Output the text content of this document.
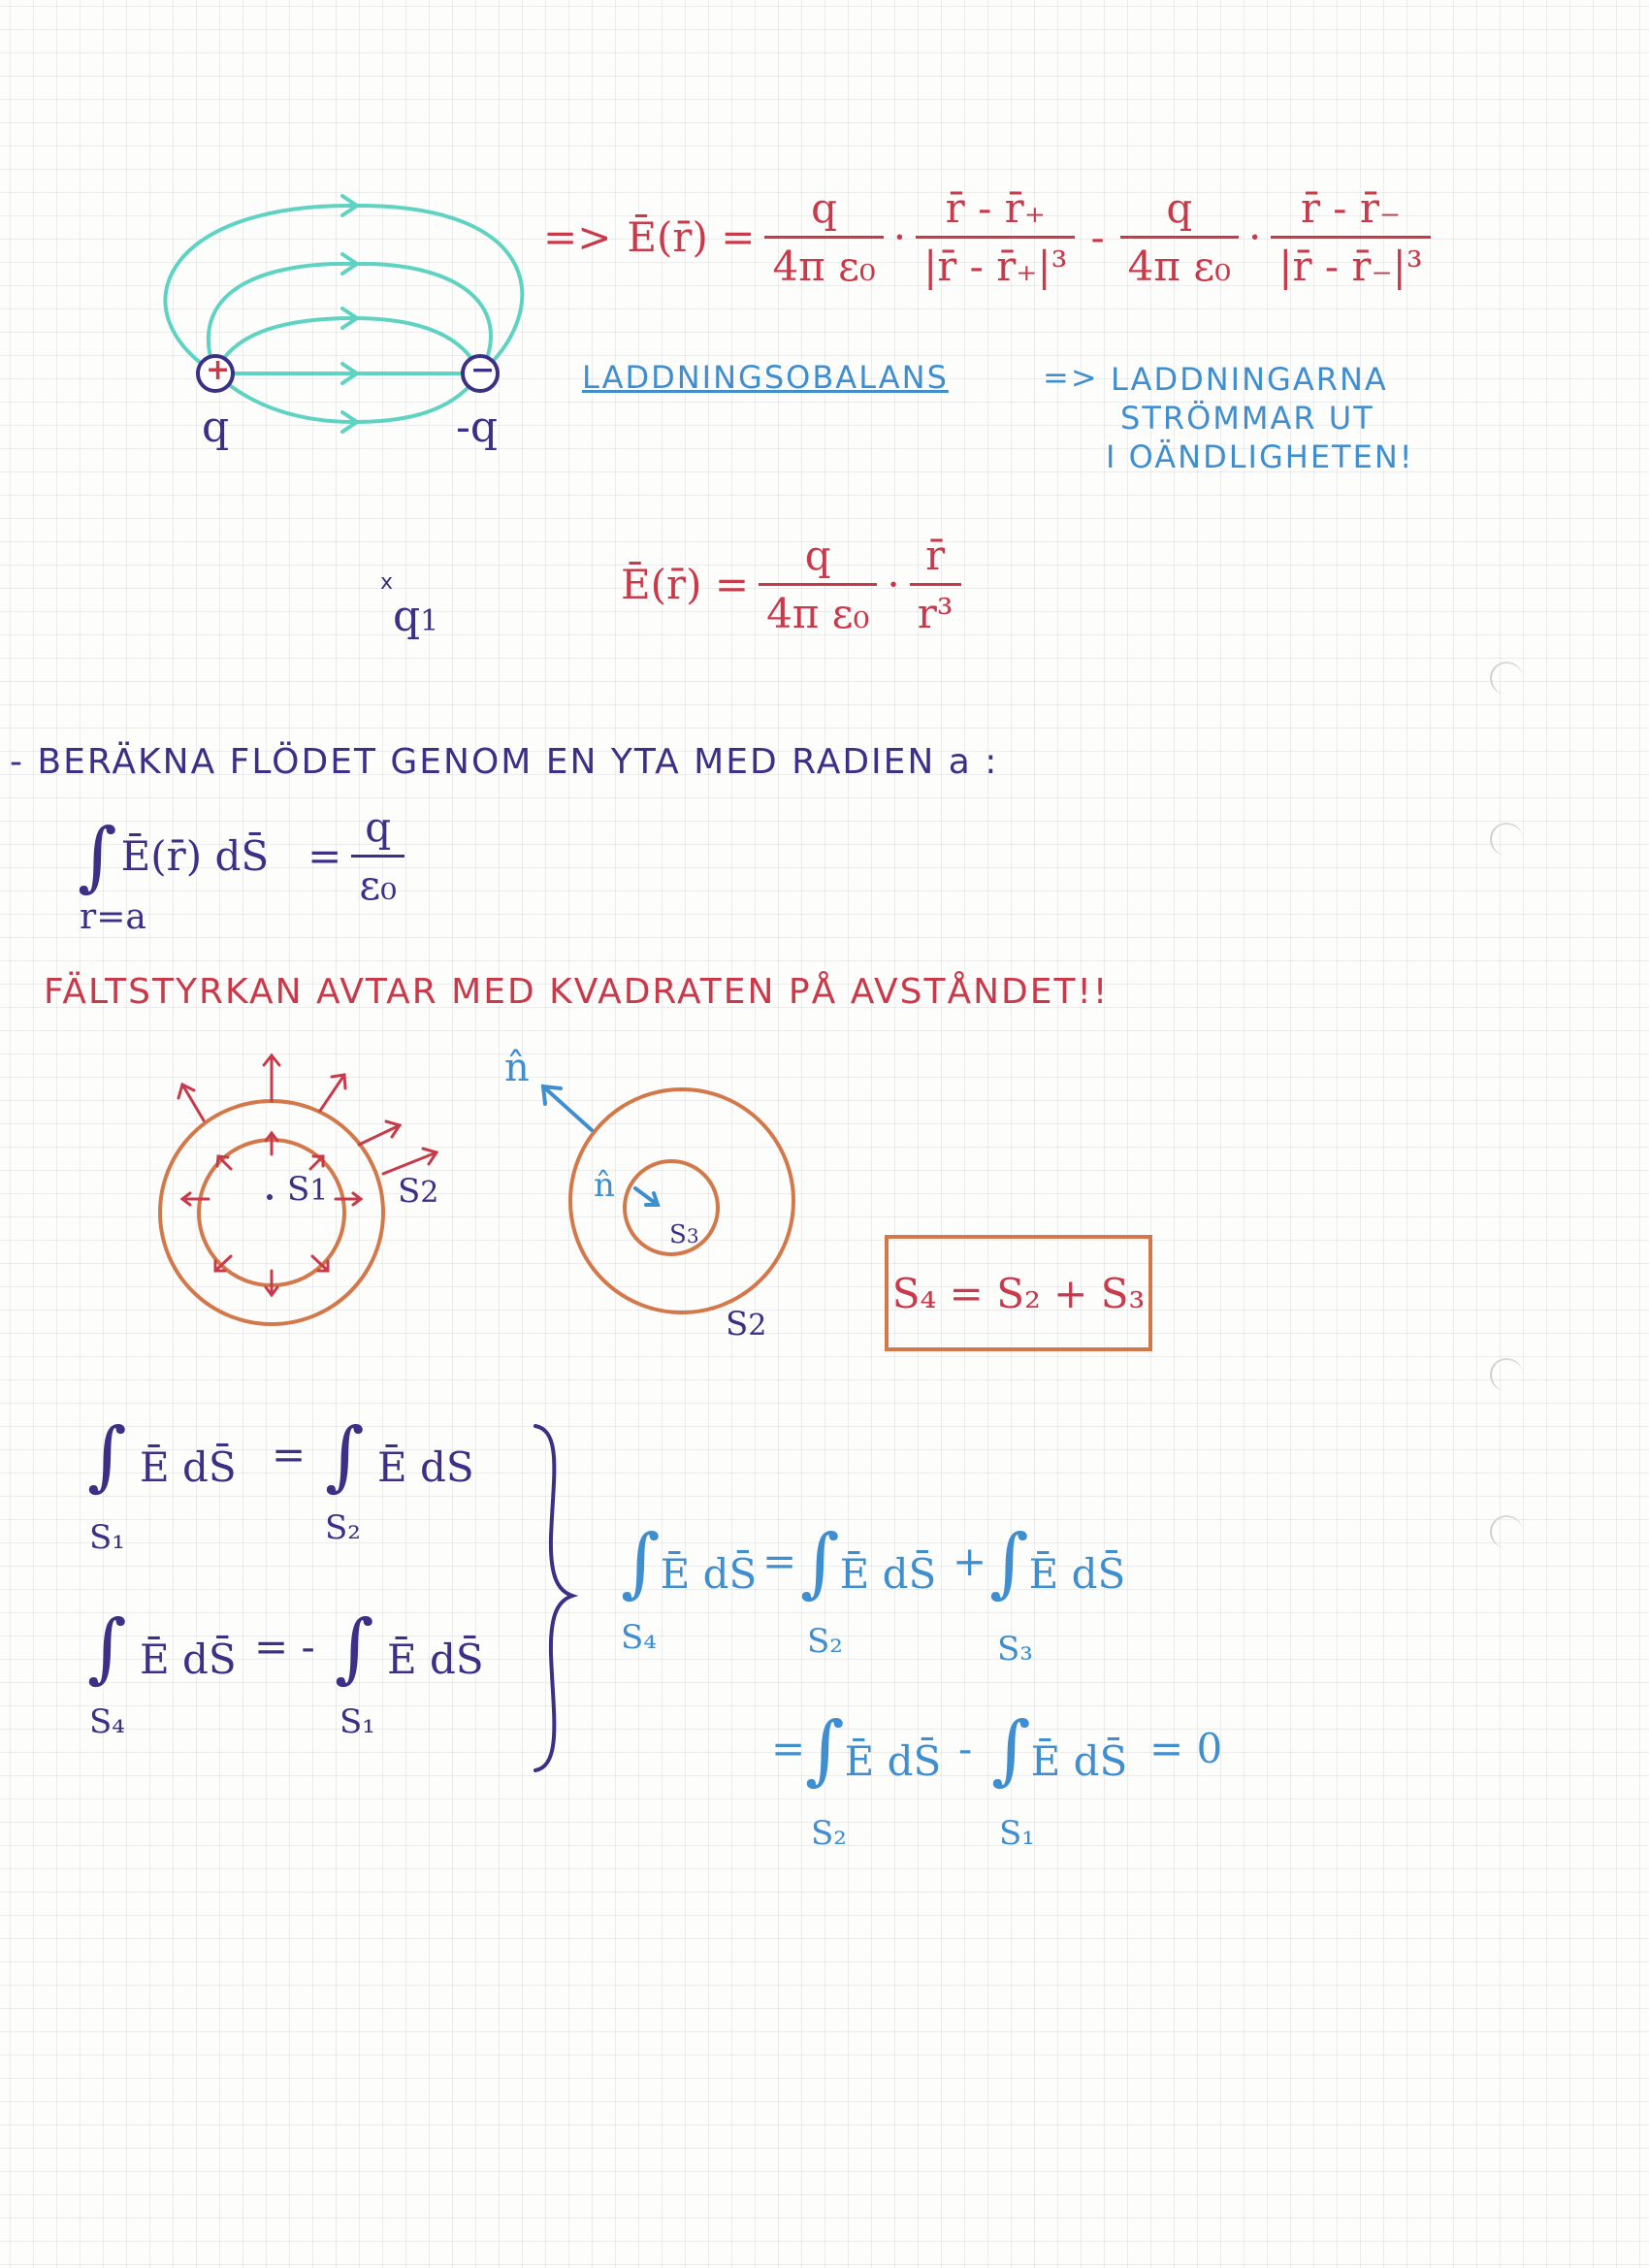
+	−
q	-q
=> Ē(r̄) = $\frac{q}{\text{4π ε₀}} \cdot \frac{r̄ - r̄_+}{\text{|r̄ - r̄₊|³}} - \frac{q}{\text{4π ε₀}} \cdot \frac{r̄ - r̄_-}{\text{|r̄ - r̄₋|³}}$
LADDNINGSOBALANS	=> LADDNINGARNA
STRÖMMAR UT
I OÄNDLIGHETEN!
x
q1
Ē(r̄) = $\frac{q}{\text{4π ε₀}} \cdot \frac{r̄}{\text{r³}}$
- BERÄKNA FLÖDET GENOM EN YTA MED RADIEN a :
∫ Ē(r̄) dS̄ = $\frac{q}{\text{ε₀}}$
r=a
FÄLTSTYRKAN AVTAR MED KVADRATEN PÅ AVSTÅNDET!!
S1 S2
n̂
n̂
S3
S2
S₄ = S₂ + S₃
∫ Ē dS̄
S₁
= ∫ Ē dS
S₂
∫ Ē dS̄
S₄
= - ∫ Ē dS̄
S₁
∫Ē dS̄
S₄
= ∫Ē dS̄
S₂
+ ∫Ē dS̄
S₃
= ∫Ē dS̄
S₂
- ∫Ē dS̄
S₁
= 0
